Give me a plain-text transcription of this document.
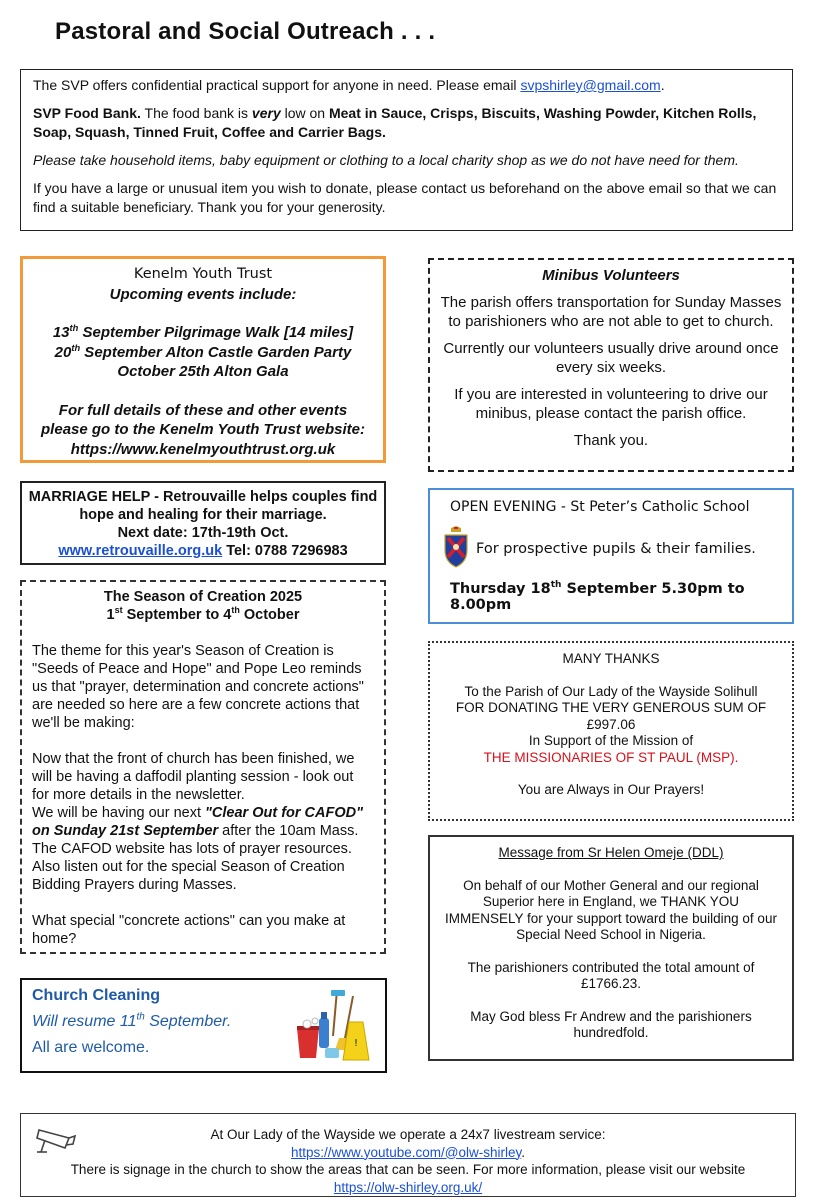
Pastoral and Social Outreach . . .

The SVP offers confidential practical support for anyone in need. Please email svpshirley@gmail.com.

SVP Food Bank. The food bank is very low on Meat in Sauce, Crisps, Biscuits, Washing Powder, Kitchen Rolls, Soap, Squash, Tinned Fruit, Coffee and Carrier Bags.

Please take household items, baby equipment or clothing to a local charity shop as we do not have need for them.

If you have a large or unusual item you wish to donate, please contact us beforehand on the above email so that we can find a suitable beneficiary. Thank you for your generosity.

Kenelm Youth Trust
Upcoming events include:
13th September Pilgrimage Walk [14 miles]
20th September Alton Castle Garden Party
October 25th Alton Gala
For full details of these and other events
please go to the Kenelm Youth Trust website:
https://www.kenelmyouthtrust.org.uk

Minibus Volunteers

The parish offers transportation for Sunday Masses to parishioners who are not able to get to church.

Currently our volunteers usually drive around once every six weeks.

If you are interested in volunteering to drive our minibus, please contact the parish office.

Thank you.

MARRIAGE HELP - Retrouvaille helps couples find hope and healing for their marriage.
Next date: 17th-19th Oct.
www.retrouvaille.org.uk Tel: 0788 7296983
OPEN EVENING - St Peter’s Catholic School
For prospective pupils & their families.
Thursday 18th September 5.30pm to 8.00pm
The Season of Creation 2025
1st September to 4th October
The theme for this year's Season of Creation is "Seeds of Peace and Hope" and Pope Leo reminds us that "prayer, determination and concrete actions" are needed so here are a few concrete actions that we'll be making:
Now that the front of church has been finished, we will be having a daffodil planting session - look out for more details in the newsletter.
We will be having our next "Clear Out for CAFOD" on Sunday 21st September after the 10am Mass.
The CAFOD website has lots of prayer resources.
Also listen out for the special Season of Creation Bidding Prayers during Masses.
What special "concrete actions" can you make at home?
MANY THANKS
To the Parish of Our Lady of the Wayside Solihull
FOR DONATING THE VERY GENEROUS SUM OF
£997.06
In Support of the Mission of
THE MISSIONARIES OF ST PAUL (MSP).
You are Always in Our Prayers!
Church Cleaning
Will resume 11th September.
All are welcome.	!
Message from Sr Helen Omeje (DDL)
On behalf of our Mother General and our regional Superior here in England, we THANK YOU IMMENSELY for your support toward the building of our Special Need School in Nigeria.
The parishioners contributed the total amount of £1766.23.
May God bless Fr Andrew and the parishioners hundredfold.
At Our Lady of the Wayside we operate a 24x7 livestream service:
https://www.youtube.com/@olw-shirley.
There is signage in the church to show the areas that can be seen. For more information, please visit our website
https://olw-shirley.org.uk/
